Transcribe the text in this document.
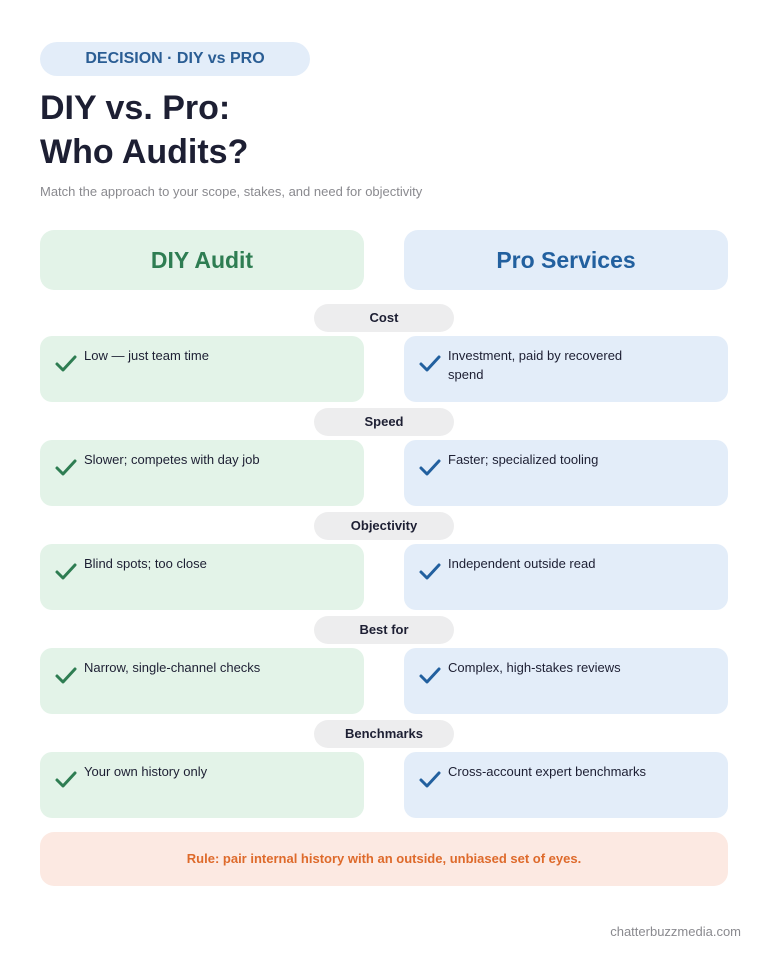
DECISION · DIY vs PRO
DIY vs. Pro:
Who Audits?
Match the approach to your scope, stakes, and need for objectivity
DIY Audit	Pro Services
Cost
Low — just team time	Investment, paid by recovered spend
Speed
Slower; competes with day job	Faster; specialized tooling
Objectivity
Blind spots; too close	Independent outside read
Best for
Narrow, single-channel checks	Complex, high-stakes reviews
Benchmarks
Your own history only	Cross-account expert benchmarks
Rule: pair internal history with an outside, unbiased set of eyes.
chatterbuzzmedia.com
